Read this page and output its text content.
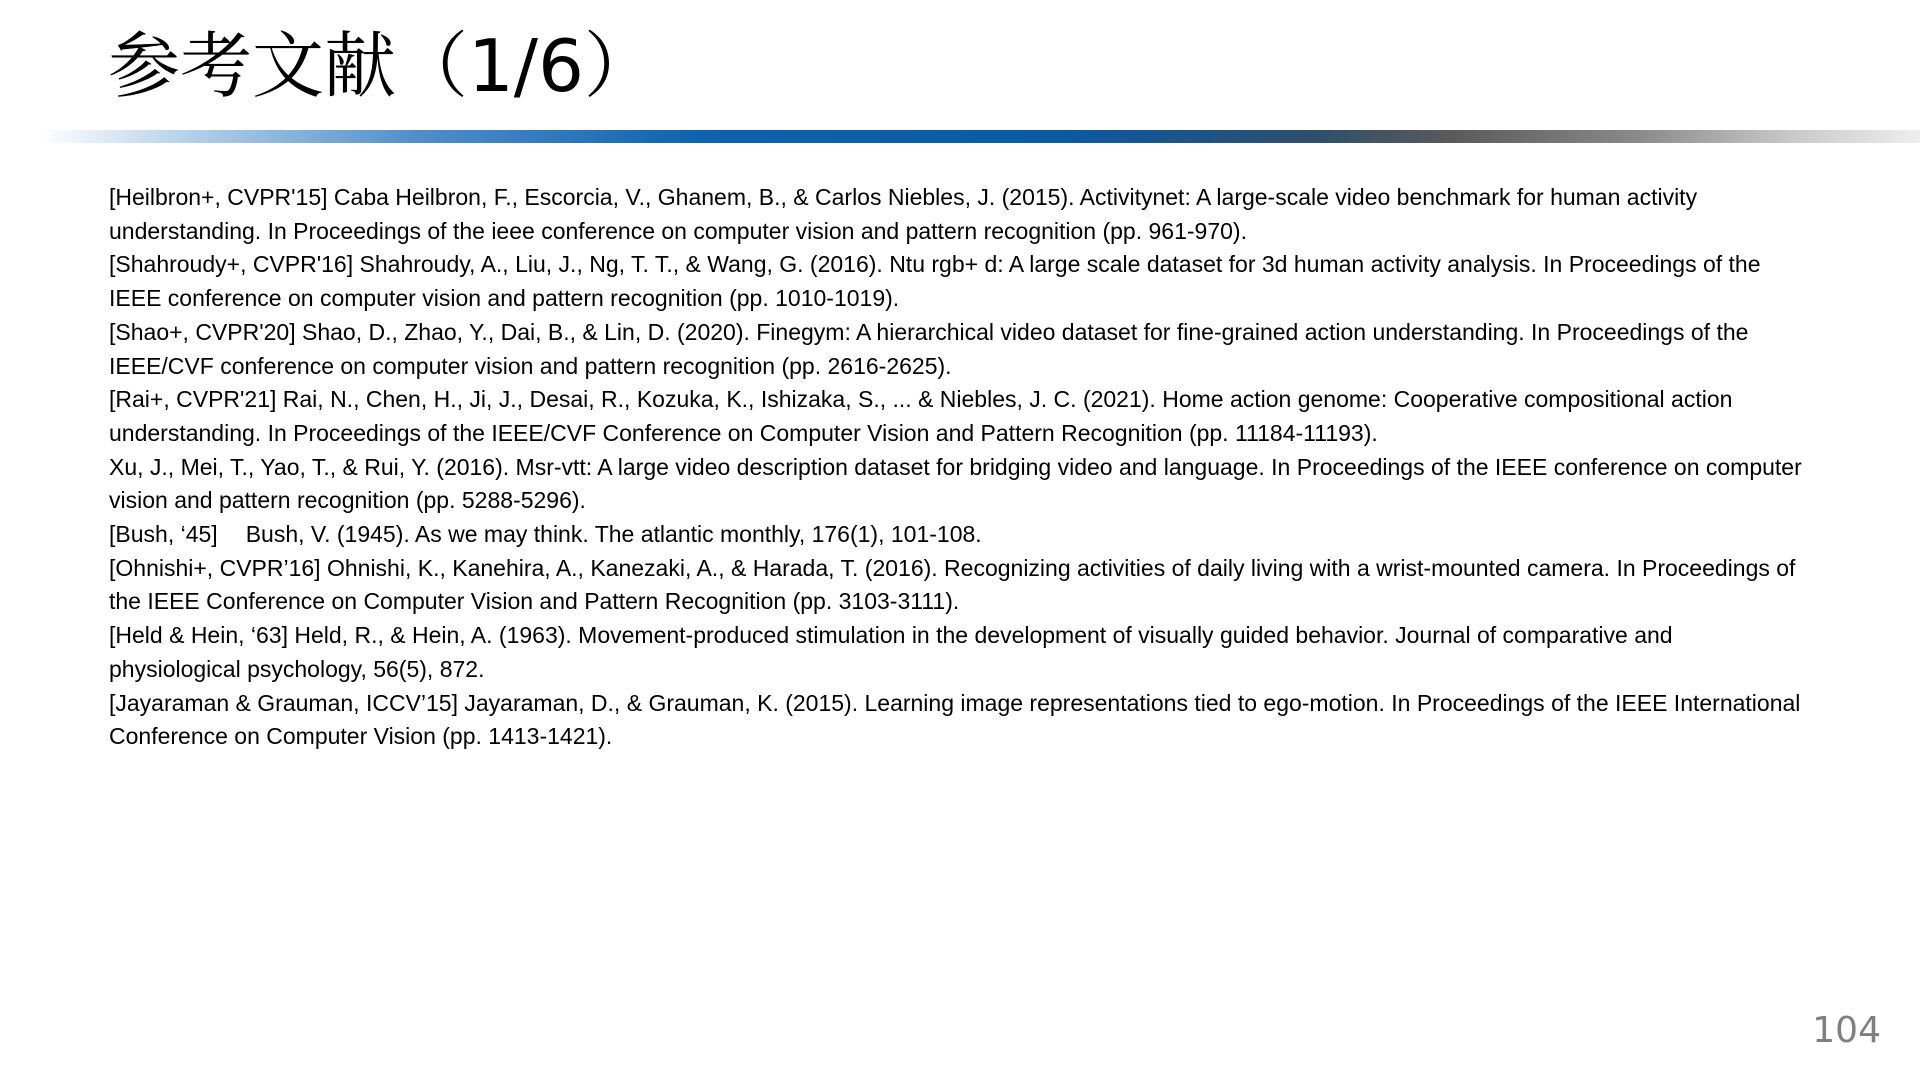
参考文献（1/6）

[Heilbron+, CVPR'15] Caba Heilbron, F., Escorcia, V., Ghanem, B., & Carlos Niebles, J. (2015). Activitynet: A large-scale video benchmark for human activity understanding. In Proceedings of the ieee conference on computer vision and pattern recognition (pp. 961-970).

[Shahroudy+, CVPR'16] Shahroudy, A., Liu, J., Ng, T. T., & Wang, G. (2016). Ntu rgb+ d: A large scale dataset for 3d human activity analysis. In Proceedings of the IEEE conference on computer vision and pattern recognition (pp. 1010-1019).

[Shao+, CVPR'20] Shao, D., Zhao, Y., Dai, B., & Lin, D. (2020). Finegym: A hierarchical video dataset for fine-grained action understanding. In Proceedings of the IEEE/CVF conference on computer vision and pattern recognition (pp. 2616-2625).

[Rai+, CVPR'21] Rai, N., Chen, H., Ji, J., Desai, R., Kozuka, K., Ishizaka, S., ... & Niebles, J. C. (2021). Home action genome: Cooperative compositional action understanding. In Proceedings of the IEEE/CVF Conference on Computer Vision and Pattern Recognition (pp. 11184-11193).

Xu, J., Mei, T., Yao, T., & Rui, Y. (2016). Msr-vtt: A large video description dataset for bridging video and language. In Proceedings of the IEEE conference on computer vision and pattern recognition (pp. 5288-5296).

[Bush, ‘45] Bush, V. (1945). As we may think. The atlantic monthly, 176(1), 101-108.

[Ohnishi+, CVPR’16] Ohnishi, K., Kanehira, A., Kanezaki, A., & Harada, T. (2016). Recognizing activities of daily living with a wrist-mounted camera. In Proceedings of the IEEE Conference on Computer Vision and Pattern Recognition (pp. 3103-3111).

[Held & Hein, ‘63] Held, R., & Hein, A. (1963). Movement-produced stimulation in the development of visually guided behavior. Journal of comparative and physiological psychology, 56(5), 872.

[Jayaraman & Grauman, ICCV’15] Jayaraman, D., & Grauman, K. (2015). Learning image representations tied to ego-motion. In Proceedings of the IEEE International Conference on Computer Vision (pp. 1413-1421).

104
